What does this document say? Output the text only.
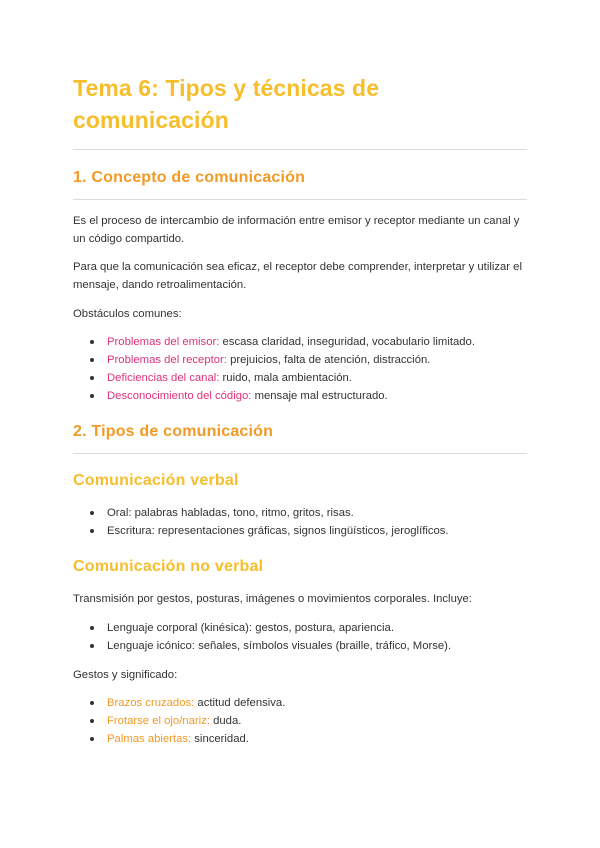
Tema 6: Tipos y técnicas de comunicación
1. Concepto de comunicación

Es el proceso de intercambio de información entre emisor y receptor mediante un canal y un código compartido.

Para que la comunicación sea eficaz, el receptor debe comprender, interpretar y utilizar el mensaje, dando retroalimentación.

Obstáculos comunes:

Problemas del emisor: escasa claridad, inseguridad, vocabulario limitado.
Problemas del receptor: prejuicios, falta de atención, distracción.
Deficiencias del canal: ruido, mala ambientación.
Desconocimiento del código: mensaje mal estructurado.
2. Tipos de comunicación
Comunicación verbal
Oral: palabras habladas, tono, ritmo, gritos, risas.
Escritura: representaciones gráficas, signos lingüísticos, jeroglíficos.
Comunicación no verbal

Transmisión por gestos, posturas, imágenes o movimientos corporales. Incluye:

Lenguaje corporal (kinésica): gestos, postura, apariencia.
Lenguaje icónico: señales, símbolos visuales (braille, tráfico, Morse).

Gestos y significado:

Brazos cruzados: actitud defensiva.
Frotarse el ojo/nariz: duda.
Palmas abiertas: sinceridad.
